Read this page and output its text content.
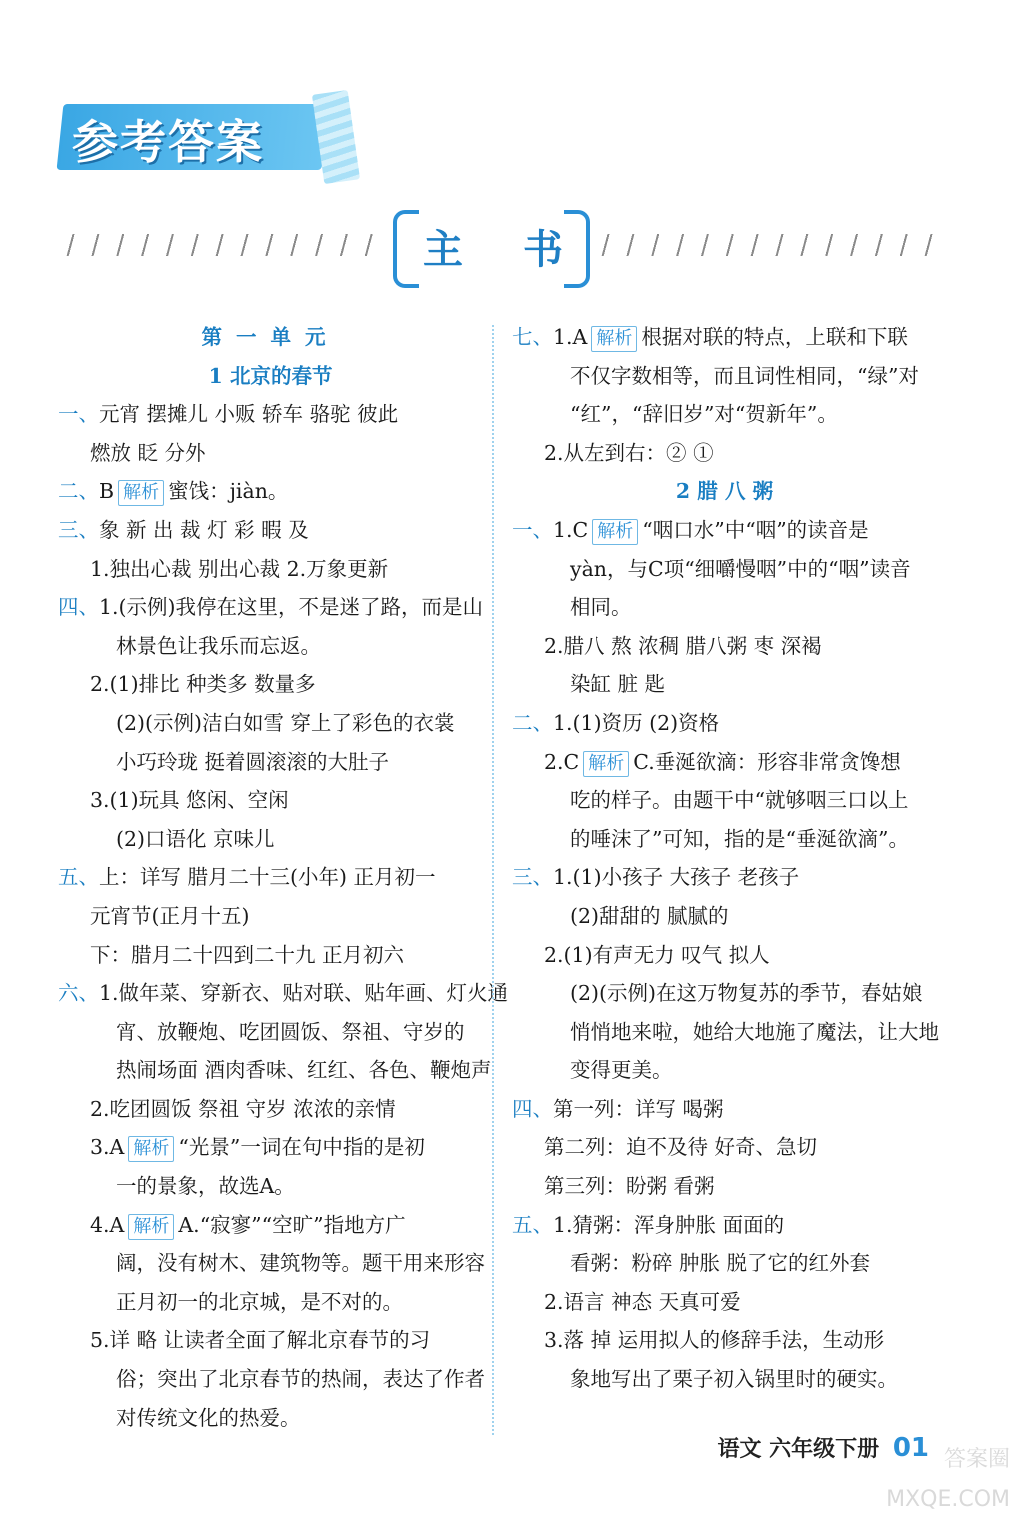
参考答案
主 书
第一单元
1 北京的春节
一、元宵 摆摊儿 小贩 轿车 骆驼 彼此
燃放 眨 分外
二、B 解析 蜜饯：jiàn。
三、象 新 出 裁 灯 彩 暇 及
1.独出心裁 别出心裁 2.万象更新
四、1.(示例)我停在这里，不是迷了路，而是山
林景色让我乐而忘返。
2.(1)排比 种类多 数量多
(2)(示例)洁白如雪 穿上了彩色的衣裳
小巧玲珑 挺着圆滚滚的大肚子
3.(1)玩具 悠闲、空闲
(2)口语化 京味儿
五、上：详写 腊月二十三(小年) 正月初一
元宵节(正月十五)
下：腊月二十四到二十九 正月初六
六、1.做年菜、穿新衣、贴对联、贴年画、灯火通
宵、放鞭炮、吃团圆饭、祭祖、守岁的
热闹场面 酒肉香味、红红、各色、鞭炮声
2.吃团圆饭 祭祖 守岁 浓浓的亲情
3.A 解析 “光景”一词在句中指的是初
一的景象，故选A。
4.A 解析 A.“寂寥”“空旷”指地方广
阔，没有树木、建筑物等。题干用来形容
正月初一的北京城，是不对的。
5.详 略 让读者全面了解北京春节的习
俗；突出了北京春节的热闹，表达了作者
对传统文化的热爱。
七、1.A 解析 根据对联的特点，上联和下联
不仅字数相等，而且词性相同，“绿”对
“红”，“辞旧岁”对“贺新年”。
2.从左到右：② ①
2 腊 八 粥
一、1.C 解析 “咽口水”中“咽”的读音是
yàn，与C项“细嚼慢咽”中的“咽”读音
相同。
2.腊八 熬 浓稠 腊八粥 枣 深褐
染缸 脏 匙
二、1.(1)资历 (2)资格
2.C 解析 C.垂涎欲滴：形容非常贪馋想
吃的样子。由题干中“就够咽三口以上
的唾沫了”可知，指的是“垂涎欲滴”。
三、1.(1)小孩子 大孩子 老孩子
(2)甜甜的 腻腻的
2.(1)有声无力 叹气 拟人
(2)(示例)在这万物复苏的季节，春姑娘
悄悄地来啦，她给大地施了魔法，让大地
变得更美。
四、第一列：详写 喝粥
第二列：迫不及待 好奇、急切
第三列：盼粥 看粥
五、1.猜粥：浑身肿胀 面面的
看粥：粉碎 肿胀 脱了它的红外套
2.语言 神态 天真可爱
3.落 掉 运用拟人的修辞手法，生动形
象地写出了栗子初入锅里时的硬实。
语文 六年级下册 01 答案圈
MXQE.COM
